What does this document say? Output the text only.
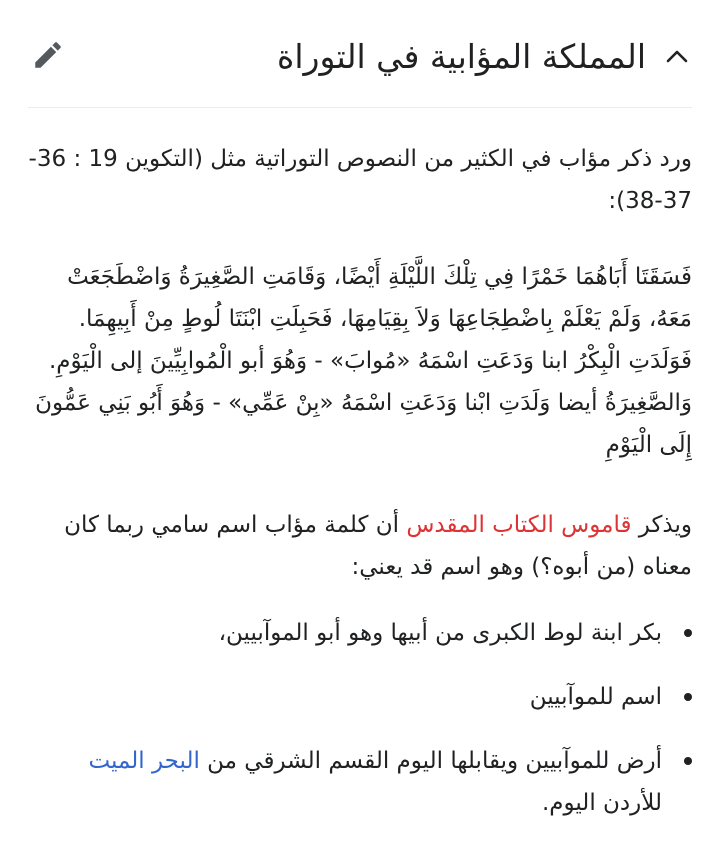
المملكة المؤابية في التوراة

ورد ذكر مؤاب في الكثير من النصوص التوراتية مثل (التكوين 19 : 36-37-38):

فَسَقَتَا أَبَاهُمَا خَمْرًا فِي تِلْكَ اللَّيْلَةِ أَيْضًا، وَقَامَتِ الصَّغِيرَةُ وَاضْطَجَعَتْ مَعَهُ، وَلَمْ يَعْلَمْ بِاضْطِجَاعِهَا وَلاَ بِقِيَامِهَا، فَحَبِلَتِ ابْنَتَا لُوطٍ مِنْ أَبِيهِمَا. فَوَلَدَتِ الْبِكْرُ ابنا وَدَعَتِ اسْمَهُ «مُوابَ» - وَهُوَ أبو الْمُوابِيِّينَ إلى الْيَوْمِ. وَالصَّغِيرَةُ أيضا وَلَدَتِ ابْنا وَدَعَتِ اسْمَهُ «بِنْ عَمِّي» - وَهُوَ أَبُو بَنِي عَمُّونَ إِلَى الْيَوْمِ

ويذكر قاموس الكتاب المقدس أن كلمة مؤاب اسم سامي ربما كان معناه (من أبوه؟) وهو اسم قد يعني:

بكر ابنة لوط الكبرى من أبيها وهو أبو الموآبيين،
اسم للموآبيين
أرض للموآبيين ويقابلها اليوم القسم الشرقي من البحر الميت للأردن اليوم.
